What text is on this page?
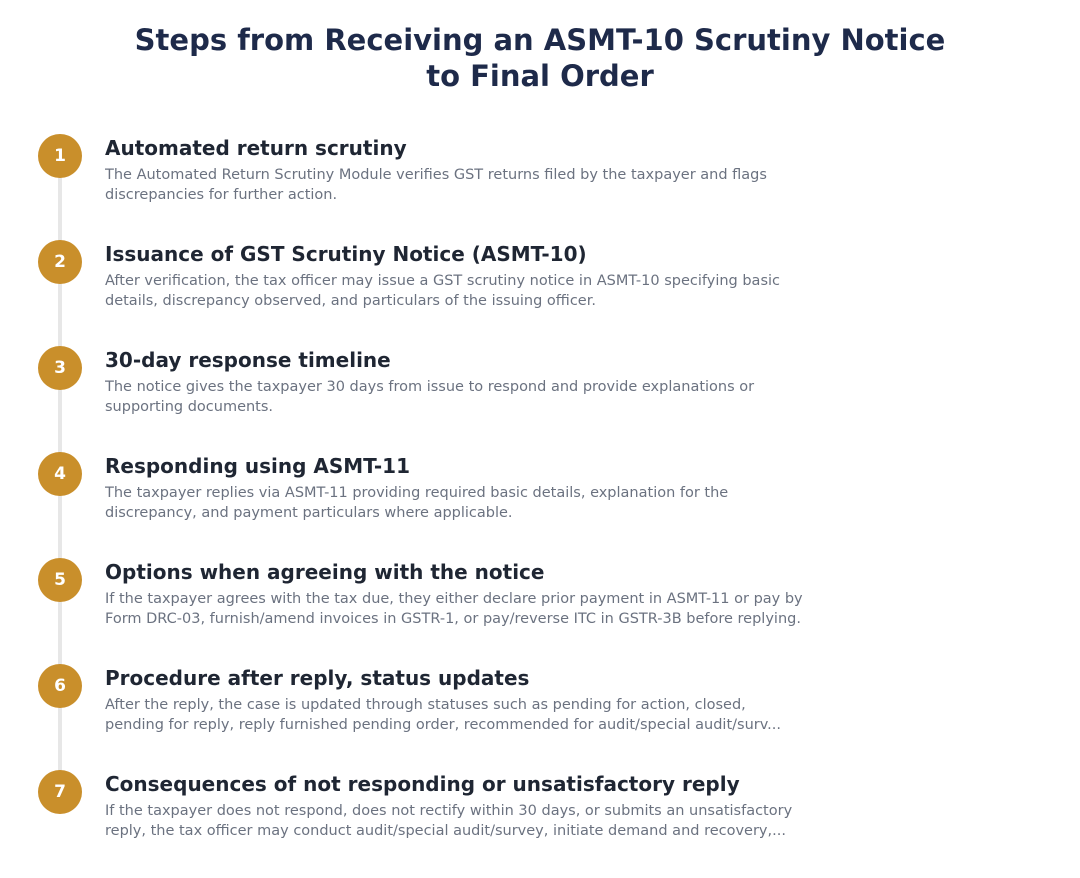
Steps from Receiving an ASMT-10 Scrutiny Notice
to Final Order
1	Automated return scrutiny
The Automated Return Scrutiny Module verifies GST returns filed by the taxpayer and flags
discrepancies for further action.
2	Issuance of GST Scrutiny Notice (ASMT-10)
After verification, the tax officer may issue a GST scrutiny notice in ASMT-10 specifying basic
details, discrepancy observed, and particulars of the issuing officer.
3	30-day response timeline
The notice gives the taxpayer 30 days from issue to respond and provide explanations or
supporting documents.
4	Responding using ASMT-11
The taxpayer replies via ASMT-11 providing required basic details, explanation for the
discrepancy, and payment particulars where applicable.
5	Options when agreeing with the notice
If the taxpayer agrees with the tax due, they either declare prior payment in ASMT-11 or pay by
Form DRC-03, furnish/amend invoices in GSTR-1, or pay/reverse ITC in GSTR-3B before replying.
6	Procedure after reply, status updates
After the reply, the case is updated through statuses such as pending for action, closed,
pending for reply, reply furnished pending order, recommended for audit/special audit/surv...
7	Consequences of not responding or unsatisfactory reply
If the taxpayer does not respond, does not rectify within 30 days, or submits an unsatisfactory
reply, the tax officer may conduct audit/special audit/survey, initiate demand and recovery,...
